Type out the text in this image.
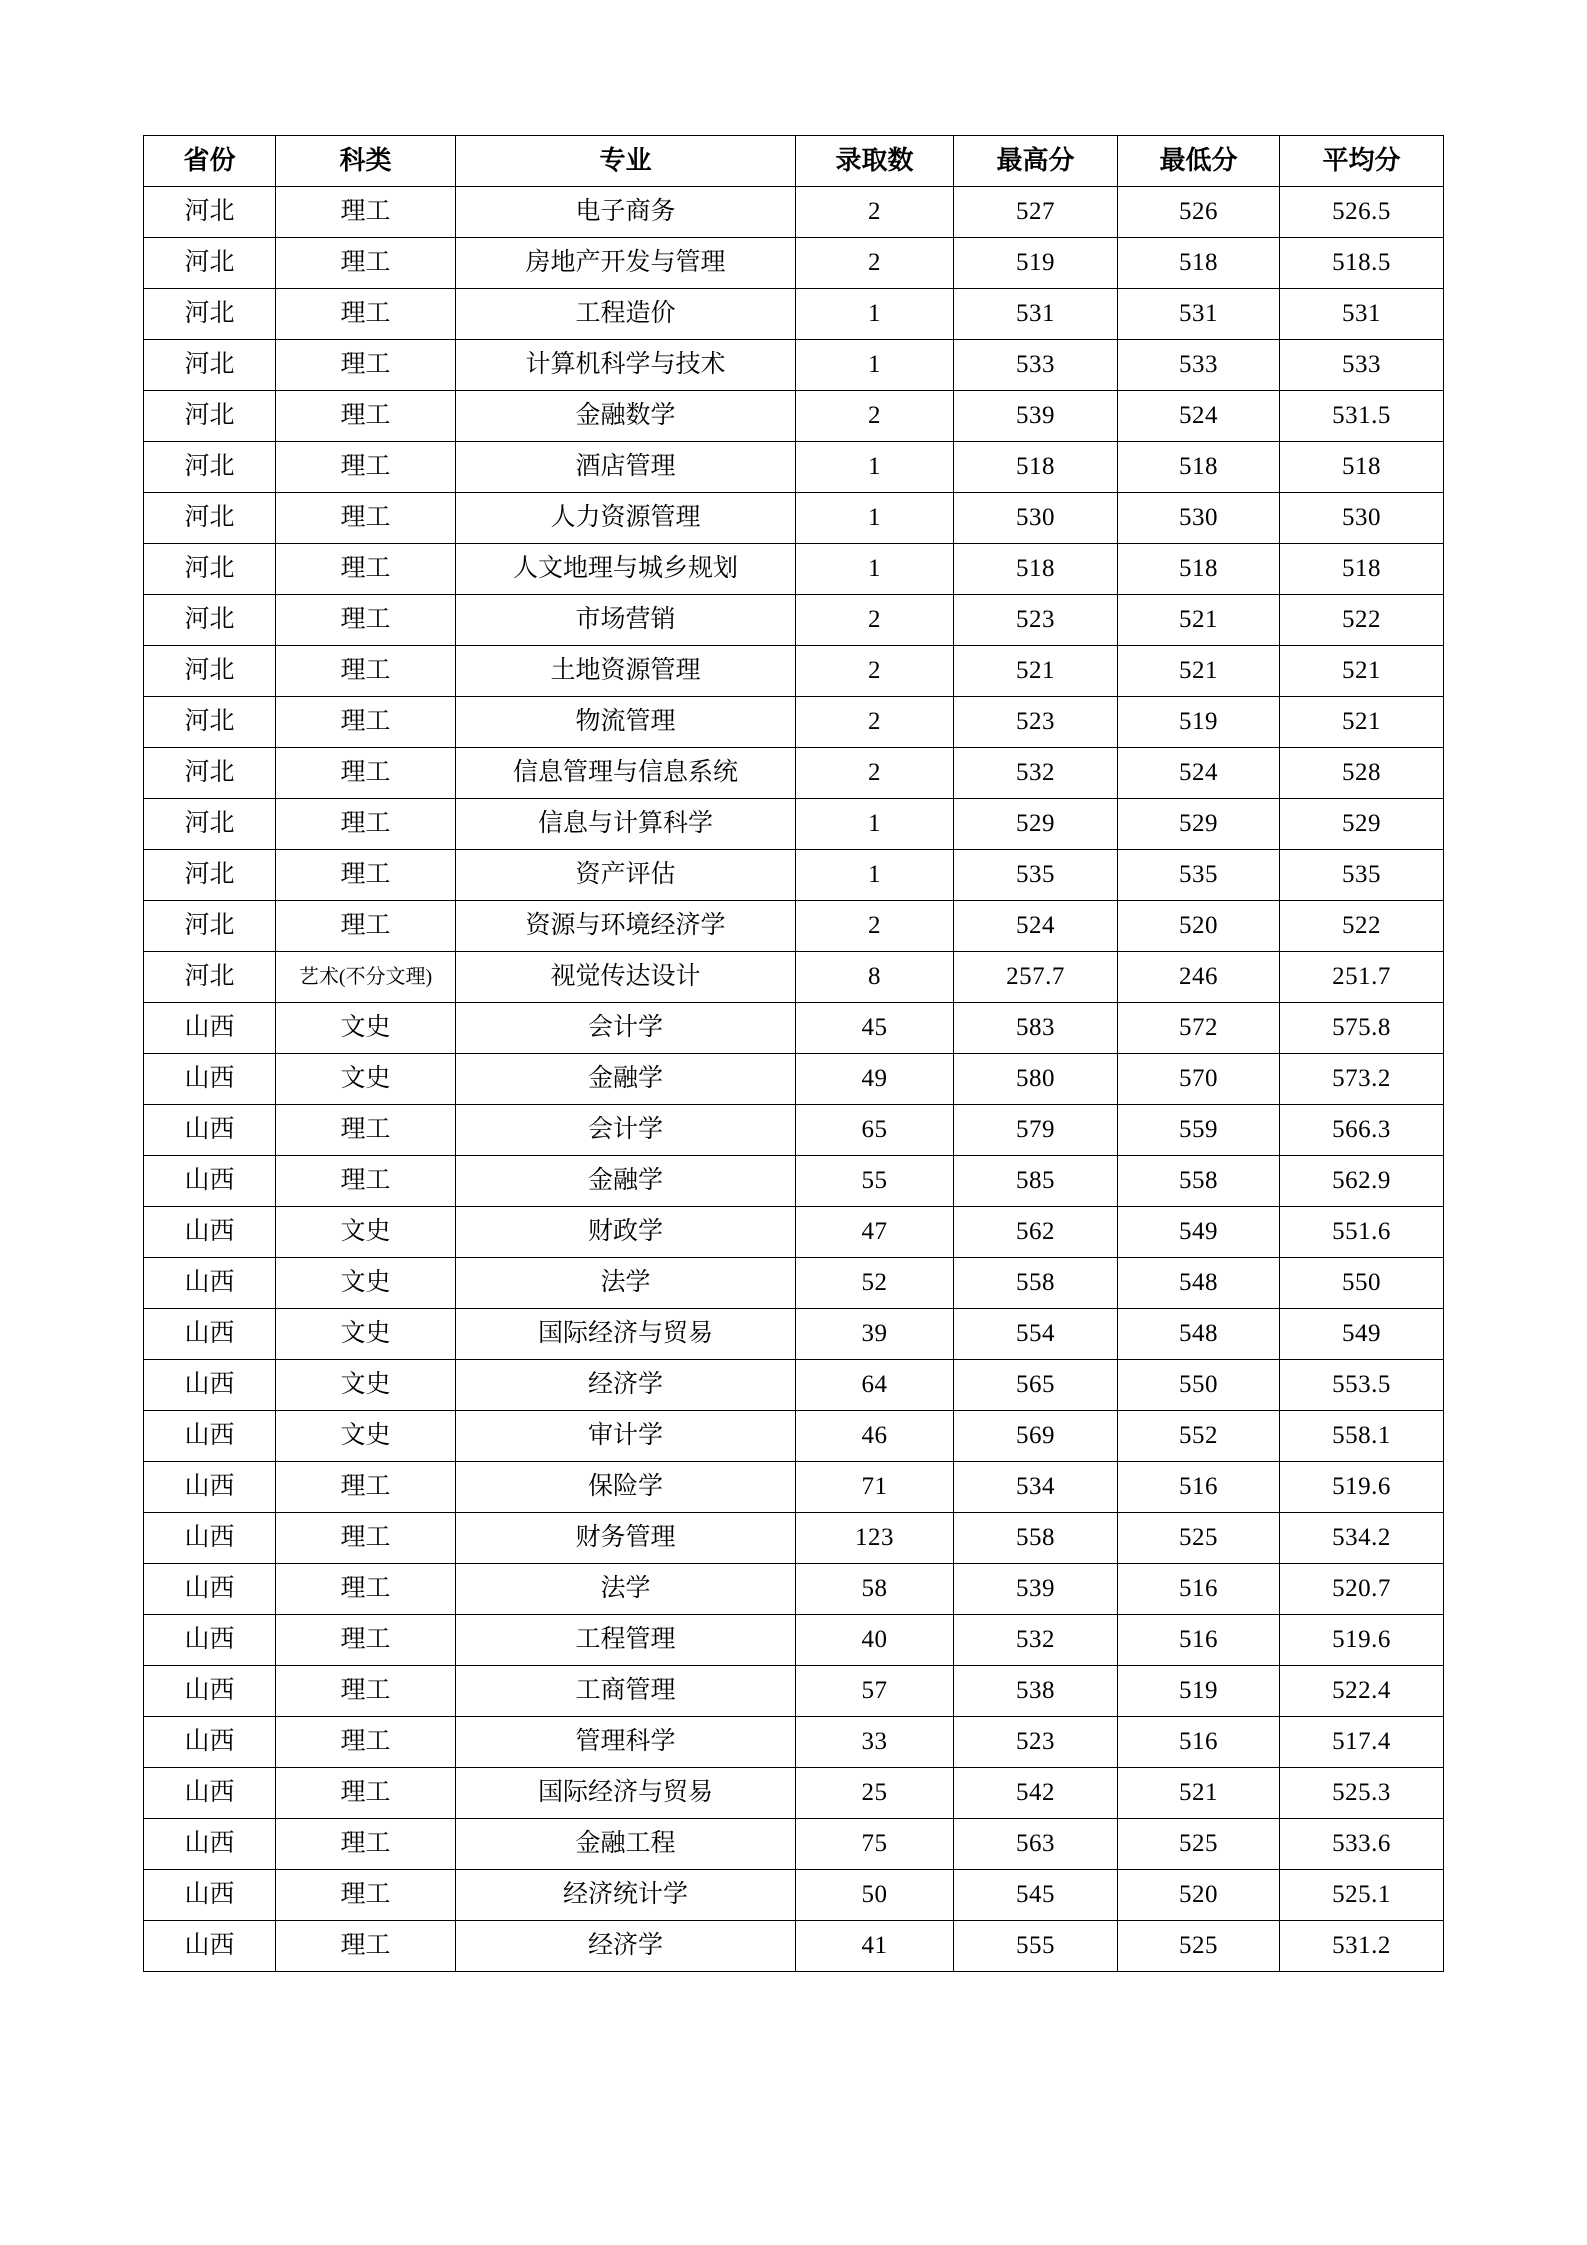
省份	科类	专业	录取数	最高分	最低分	平均分
河北	理工	电子商务	2	527	526	526.5
河北	理工	房地产开发与管理	2	519	518	518.5
河北	理工	工程造价	1	531	531	531
河北	理工	计算机科学与技术	1	533	533	533
河北	理工	金融数学	2	539	524	531.5
河北	理工	酒店管理	1	518	518	518
河北	理工	人力资源管理	1	530	530	530
河北	理工	人文地理与城乡规划	1	518	518	518
河北	理工	市场营销	2	523	521	522
河北	理工	土地资源管理	2	521	521	521
河北	理工	物流管理	2	523	519	521
河北	理工	信息管理与信息系统	2	532	524	528
河北	理工	信息与计算科学	1	529	529	529
河北	理工	资产评估	1	535	535	535
河北	理工	资源与环境经济学	2	524	520	522
河北	艺术(不分文理)	视觉传达设计	8	257.7	246	251.7
山西	文史	会计学	45	583	572	575.8
山西	文史	金融学	49	580	570	573.2
山西	理工	会计学	65	579	559	566.3
山西	理工	金融学	55	585	558	562.9
山西	文史	财政学	47	562	549	551.6
山西	文史	法学	52	558	548	550
山西	文史	国际经济与贸易	39	554	548	549
山西	文史	经济学	64	565	550	553.5
山西	文史	审计学	46	569	552	558.1
山西	理工	保险学	71	534	516	519.6
山西	理工	财务管理	123	558	525	534.2
山西	理工	法学	58	539	516	520.7
山西	理工	工程管理	40	532	516	519.6
山西	理工	工商管理	57	538	519	522.4
山西	理工	管理科学	33	523	516	517.4
山西	理工	国际经济与贸易	25	542	521	525.3
山西	理工	金融工程	75	563	525	533.6
山西	理工	经济统计学	50	545	520	525.1
山西	理工	经济学	41	555	525	531.2
